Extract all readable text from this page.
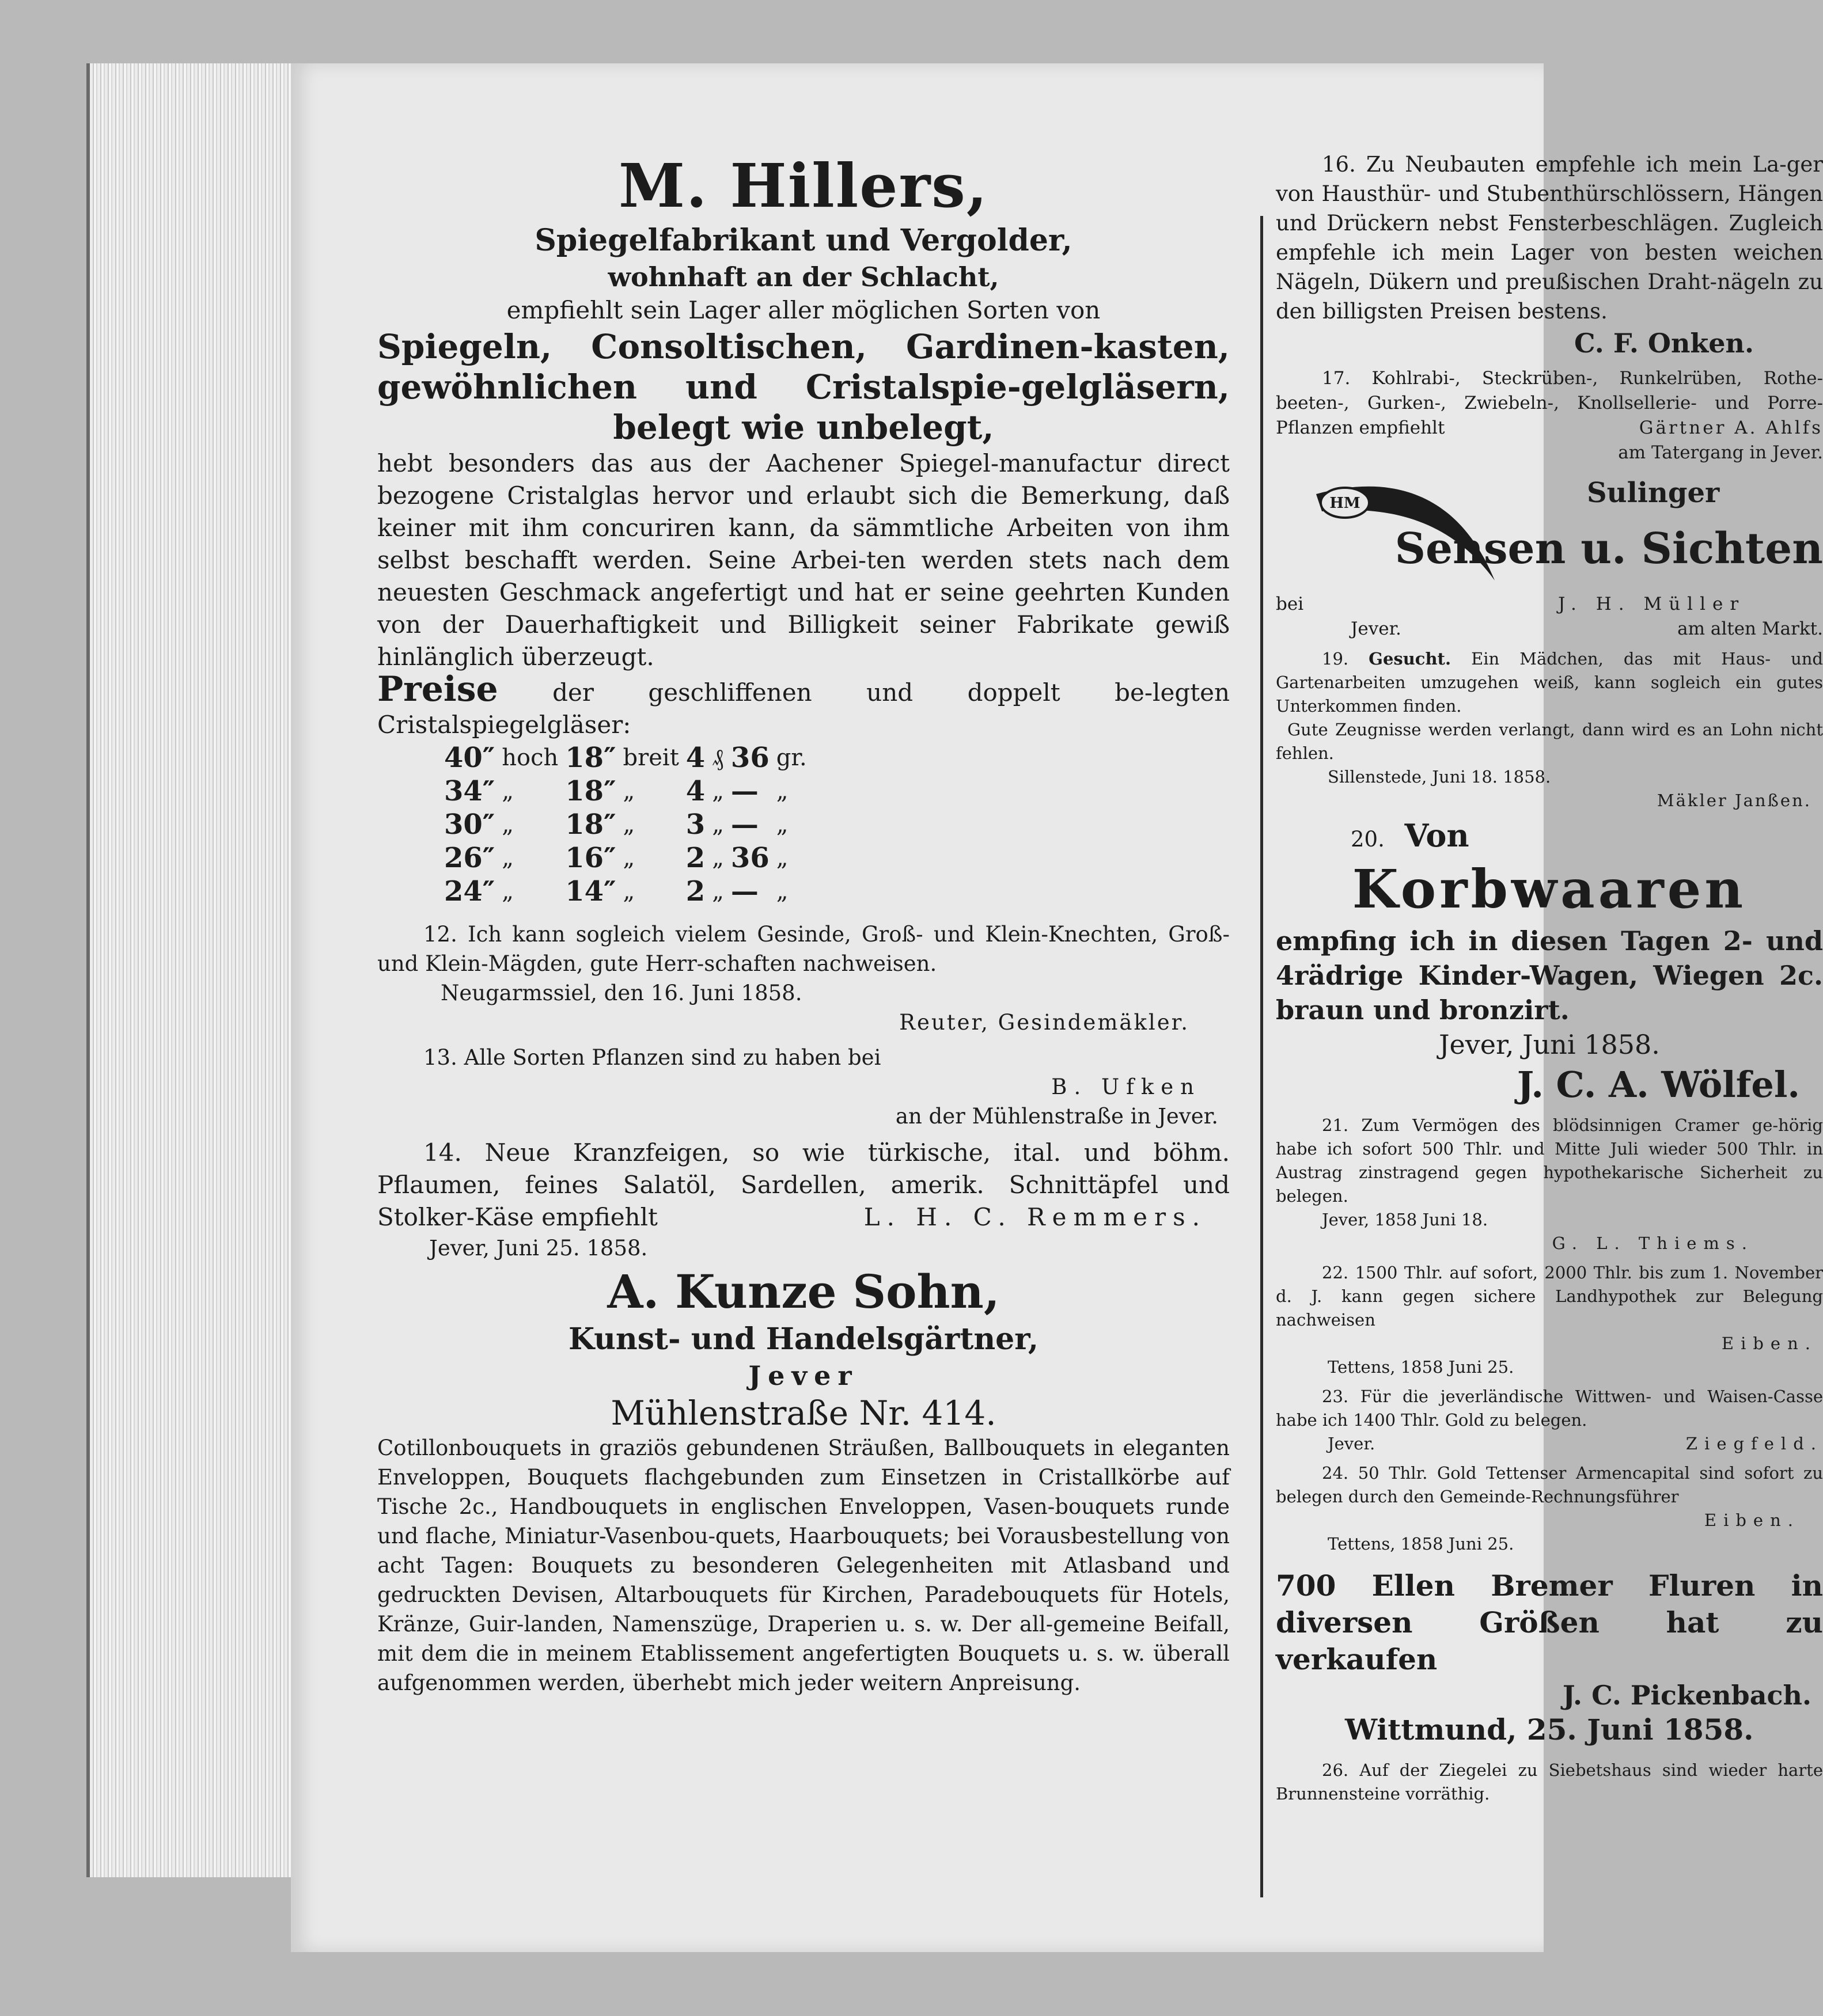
M. Hillers,
Spiegelfabrikant und Vergolder,
wohnhaft an der Schlacht,
empfiehlt sein Lager aller möglichen Sorten von
Spiegeln, Consoltischen, Gardinen-kasten, gewöhnlichen und Cristalspie-gelgläsern, belegt wie unbelegt,
hebt besonders das aus der Aachener Spiegel-manufactur direct bezogene Cristalglas hervor und erlaubt sich die Bemerkung, daß keiner mit ihm concuriren kann, da sämmtliche Arbeiten von ihm selbst beschafft werden. Seine Arbei-ten werden stets nach dem neuesten Geschmack angefertigt und hat er seine geehrten Kunden von der Dauerhaftigkeit und Billigkeit seiner Fabrikate gewiß hinlänglich überzeugt.
Preise der geschliffenen und doppelt be-legten Cristalspiegelgläser:
40″	hoch	18″	breit	4	₰	36	gr.
34″	„	18″	„	4	„	—	„
30″	„	18″	„	3	„	—	„
26″	„	16″	„	2	„	36	„
24″	„	14″	„	2	„	—	„

12. Ich kann sogleich vielem Gesinde, Groß- und Klein-Knechten, Groß- und Klein-Mägden, gute Herr-schaften nachweisen.

Neugarmssiel, den 16. Juni 1858.

Reuter, Gesindemäkler.

13. Alle Sorten Pflanzen sind zu haben bei

B. Ufken

an der Mühlenstraße in Jever.

14. Neue Kranzfeigen, so wie türkische, ital. und böhm. Pflaumen, feines Salatöl, Sardellen, amerik. Schnittäpfel und Stolker-Käse empfiehlt	L. H. C. Remmers.

Jever, Juni 25. 1858.

A. Kunze Sohn,
Kunst- und Handelsgärtner,
Jever
Mühlenstraße Nr. 414.
Cotillonbouquets in graziös gebundenen Sträußen, Ballbouquets in eleganten Enveloppen, Bouquets flachgebunden zum Einsetzen in Cristallkörbe auf Tische 2c., Handbouquets in englischen Enveloppen, Vasen-bouquets runde und flache, Miniatur-Vasenbou-quets, Haarbouquets; bei Vorausbestellung von acht Tagen: Bouquets zu besonderen Gelegenheiten mit Atlasband und gedruckten Devisen, Altarbouquets für Kirchen, Paradebouquets für Hotels, Kränze, Guir-landen, Namenszüge, Draperien u. s. w. Der all-gemeine Beifall, mit dem die in meinem Etablissement angefertigten Bouquets u. s. w. überall aufgenommen werden, überhebt mich jeder weitern Anpreisung.

16. Zu Neubauten empfehle ich mein La-ger von Hausthür- und Stubenthürschlössern, Hängen und Drückern nebst Fensterbeschlägen. Zugleich empfehle ich mein Lager von besten weichen Nägeln, Dükern und preußischen Draht-nägeln zu den billigsten Preisen bestens.

C. F. Onken.

17. Kohlrabi-, Steckrüben-, Runkelrüben, Rothe-beeten-, Gurken-, Zwiebeln-, Knollsellerie- und Porre-Pflanzen empfiehlt	Gärtner A. Ahlfs

am Tatergang in Jever.

HM	Sulinger
Sensen u. Sichten
bei	J. H. Müller
Jever.	am alten Markt.

19. Gesucht. Ein Mädchen, das mit Haus- und Gartenarbeiten umzugehen weiß, kann sogleich ein gutes Unterkommen finden.

Gute Zeugnisse werden verlangt, dann wird es an Lohn nicht fehlen.

Sillenstede, Juni 18. 1858.

Mäkler Janßen.

20. Von

Korbwaaren
empfing ich in diesen Tagen 2- und 4rädrige Kinder-Wagen, Wiegen 2c. braun und bronzirt.
Jever, Juni 1858.
J. C. A. Wölfel.

21. Zum Vermögen des blödsinnigen Cramer ge-hörig habe ich sofort 500 Thlr. und Mitte Juli wieder 500 Thlr. in Austrag zinstragend gegen hypothekarische Sicherheit zu belegen.

Jever, 1858 Juni 18.

G. L. Thiems.

22. 1500 Thlr. auf sofort, 2000 Thlr. bis zum 1. November d. J. kann gegen sichere Landhypothek zur Belegung nachweisen

Eiben.

Tettens, 1858 Juni 25.

23. Für die jeverländische Wittwen- und Waisen-Casse habe ich 1400 Thlr. Gold zu belegen.

Jever.	Ziegfeld.

24. 50 Thlr. Gold Tettenser Armencapital sind sofort zu belegen durch den Gemeinde-Rechnungsführer

Eiben.

Tettens, 1858 Juni 25.

700 Ellen Bremer Fluren in diversen Größen hat zu verkaufen
J. C. Pickenbach.
Wittmund, 25. Juni 1858.

26. Auf der Ziegelei zu Siebetshaus sind wieder harte Brunnensteine vorräthig.
